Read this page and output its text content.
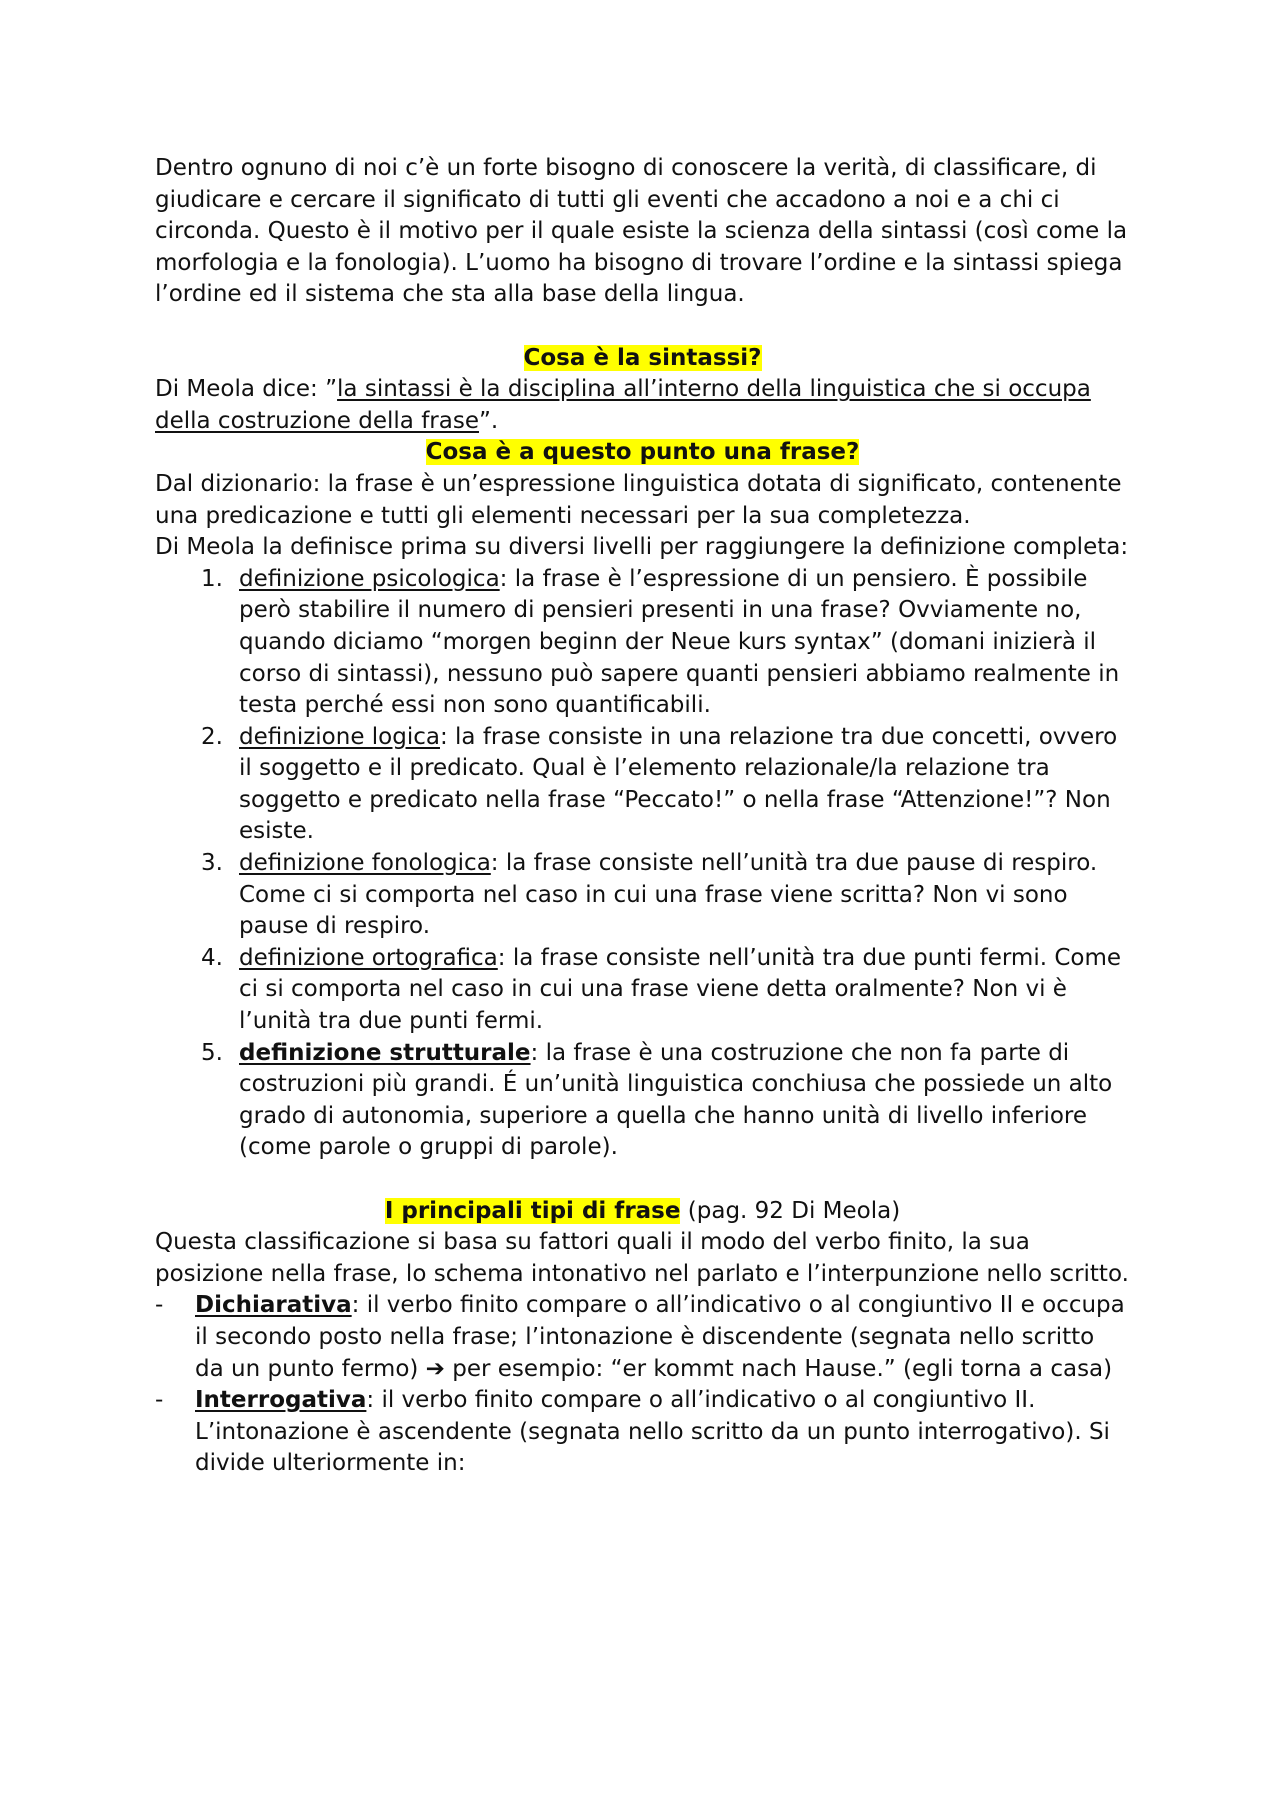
Dentro ognuno di noi c’è un forte bisogno di conoscere la verità, di classificare, di giudicare e cercare il significato di tutti gli eventi che accadono a noi e a chi ci circonda. Questo è il motivo per il quale esiste la scienza della sintassi (così come la morfologia e la fonologia). L’uomo ha bisogno di trovare l’ordine e la sintassi spiega l’ordine ed il sistema che sta alla base della lingua.

Cosa è la sintassi?

Di Meola dice: ”la sintassi è la disciplina all’interno della linguistica che si occupa della costruzione della frase”.

Cosa è a questo punto una frase?

Dal dizionario: la frase è un’espressione linguistica dotata di significato, contenente una predicazione e tutti gli elementi necessari per la sua completezza.

Di Meola la definisce prima su diversi livelli per raggiungere la definizione completa:

1. definizione psicologica: la frase è l’espressione di un pensiero. È possibile però stabilire il numero di pensieri presenti in una frase? Ovviamente no, quando diciamo “morgen beginn der Neue kurs syntax” (domani inizierà il corso di sintassi), nessuno può sapere quanti pensieri abbiamo realmente in testa perché essi non sono quantificabili.
2. definizione logica: la frase consiste in una relazione tra due concetti, ovvero il soggetto e il predicato. Qual è l’elemento relazionale/la relazione tra soggetto e predicato nella frase “Peccato!” o nella frase “Attenzione!”? Non esiste.
3. definizione fonologica: la frase consiste nell’unità tra due pause di respiro. Come ci si comporta nel caso in cui una frase viene scritta? Non vi sono pause di respiro.
4. definizione ortografica: la frase consiste nell’unità tra due punti fermi. Come ci si comporta nel caso in cui una frase viene detta oralmente? Non vi è l’unità tra due punti fermi.
5. definizione strutturale: la frase è una costruzione che non fa parte di costruzioni più grandi. É un’unità linguistica conchiusa che possiede un alto grado di autonomia, superiore a quella che hanno unità di livello inferiore (come parole o gruppi di parole).

I principali tipi di frase (pag. 92 Di Meola)

Questa classificazione si basa su fattori quali il modo del verbo finito, la sua posizione nella frase, lo schema intonativo nel parlato e l’interpunzione nello scritto.

-	Dichiarativa: il verbo finito compare o all’indicativo o al congiuntivo II e occupa il secondo posto nella frase; l’intonazione è discendente (segnata nello scritto da un punto fermo) ➔ per esempio: “er kommt nach Hause.” (egli torna a casa)
-	Interrogativa: il verbo finito compare o all’indicativo o al congiuntivo II. L’intonazione è ascendente (segnata nello scritto da un punto interrogativo). Si divide ulteriormente in:
